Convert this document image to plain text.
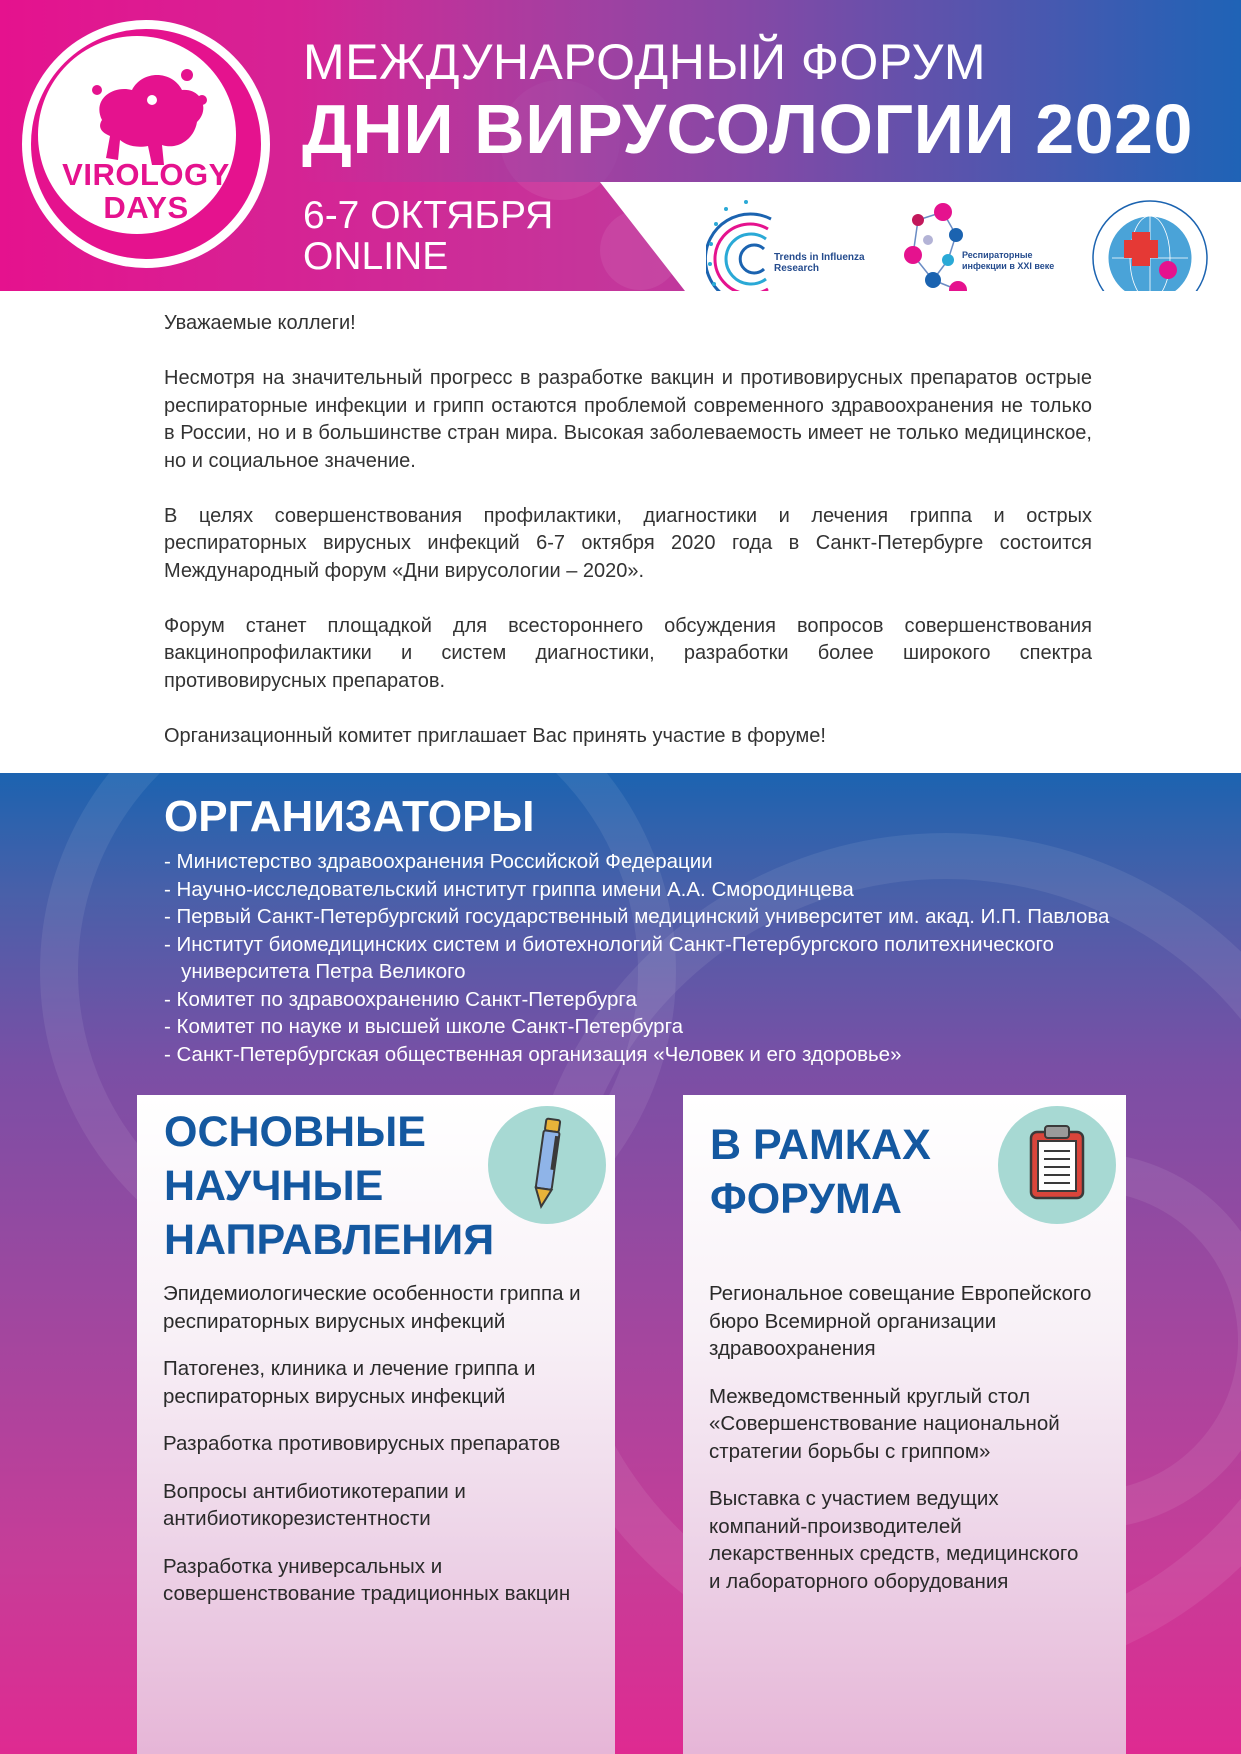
VIROLOGY
DAYS
МЕЖДУНАРОДНЫЙ ФОРУМ
ДНИ ВИРУСОЛОГИИ 2020
6-7 ОКТЯБРЯ
ONLINE	Trends in Influenza
Research
Респираторные
инфекции в XXI веке

Уважаемые коллеги!

Несмотря на значительный прогресс в разработке вакцин и противовирусных препаратов острые респираторные инфекции и грипп остаются проблемой современного здравоохранения не только в России, но и в большинстве стран мира. Высокая заболеваемость имеет не только медицинское, но и социальное значение.

В целях совершенствования профилактики, диагностики и лечения гриппа и острых респираторных вирусных инфекций 6-7 октября 2020 года в Санкт-Петербурге состоится Международный форум «Дни вирусологии – 2020».

Форум станет площадкой для всестороннего обсуждения вопросов совершенствования вакцинопрофилактики и систем диагностики, разработки более широкого спектра противовирусных препаратов.

Организационный комитет приглашает Вас принять участие в форуме!

ОРГАНИЗАТОРЫ
- Министерство здравоохранения Российской Федерации
- Научно-исследовательский институт гриппа имени А.А. Смородинцева
- Первый Санкт-Петербургский государственный медицинский университет им. акад. И.П. Павлова
- Институт биомедицинских систем и биотехнологий Санкт-Петербургского политехнического
университета Петра Великого
- Комитет по здравоохранению Санкт-Петербурга
- Комитет по науке и высшей школе Санкт-Петербурга
- Санкт-Петербургская общественная организация «Человек и его здоровье»
ОСНОВНЫЕ
НАУЧНЫЕ
НАПРАВЛЕНИЯ
Эпидемиологические особенности гриппа и респираторных вирусных инфекций
Патогенез, клиника и лечение гриппа и респираторных вирусных инфекций
Разработка противовирусных препаратов
Вопросы антибиотикотерапии и антибиотикорезистентности
Разработка универсальных и совершенствование традиционных вакцин
В РАМКАХ
ФОРУМА
Региональное совещание Европейского бюро Всемирной организации здравоохранения
Межведомственный круглый стол «Совершенствование национальной стратегии борьбы с гриппом»
Выставка с участием ведущих компаний-производителей лекарственных средств, медицинского и лабораторного оборудования
